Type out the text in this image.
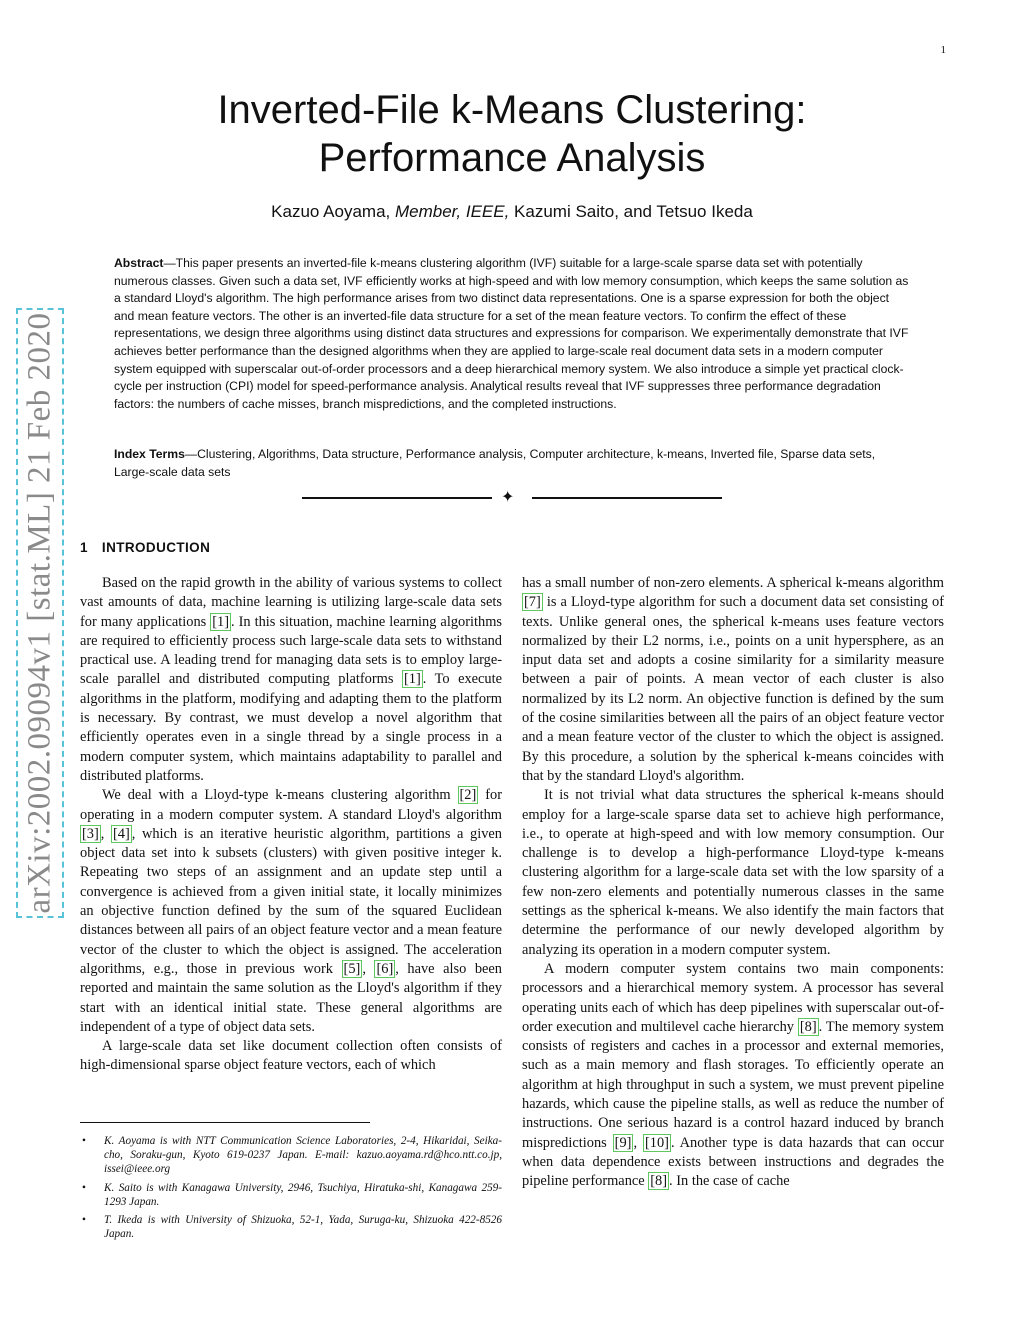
1
arXiv:2002.09094v1 [stat.ML] 21 Feb 2020
Inverted-File k-Means Clustering:
Performance Analysis
Kazuo Aoyama, Member, IEEE, Kazumi Saito, and Tetsuo Ikeda
Abstract—This paper presents an inverted-file k-means clustering algorithm (IVF) suitable for a large-scale sparse data set with potentially numerous classes. Given such a data set, IVF efficiently works at high-speed and with low memory consumption, which keeps the same solution as a standard Lloyd's algorithm. The high performance arises from two distinct data representations. One is a sparse expression for both the object and mean feature vectors. The other is an inverted-file data structure for a set of the mean feature vectors. To confirm the effect of these representations, we design three algorithms using distinct data structures and expressions for comparison. We experimentally demonstrate that IVF achieves better performance than the designed algorithms when they are applied to large-scale real document data sets in a modern computer system equipped with superscalar out-of-order processors and a deep hierarchical memory system. We also introduce a simple yet practical clock-cycle per instruction (CPI) model for speed-performance analysis. Analytical results reveal that IVF suppresses three performance degradation factors: the numbers of cache misses, branch mispredictions, and the completed instructions.
Index Terms—Clustering, Algorithms, Data structure, Performance analysis, Computer architecture, k-means, Inverted file, Sparse data sets, Large-scale data sets
✦
1 INTRODUCTION

Based on the rapid growth in the ability of various systems to collect vast amounts of data, machine learning is utilizing large-scale data sets for many applications [1] . In this situation, machine learning algorithms are required to efficiently process such large-scale data sets to withstand practical use. A leading trend for managing data sets is to employ large-scale parallel and distributed computing platforms [1] . To execute algorithms in the platform, modifying and adapting them to the platform is necessary. By contrast, we must develop a novel algorithm that efficiently operates even in a single thread by a single process in a modern computer system, which maintains adaptability to parallel and distributed platforms.

We deal with a Lloyd-type k-means clustering algorithm [2] for operating in a modern computer system. A standard Lloyd's algorithm [3] , [4] , which is an iterative heuristic algorithm, partitions a given object data set into k subsets (clusters) with given positive integer k. Repeating two steps of an assignment and an update step until a convergence is achieved from a given initial state, it locally minimizes an objective function defined by the sum of the squared Euclidean distances between all pairs of an object feature vector and a mean feature vector of the cluster to which the object is assigned. The acceleration algorithms, e.g., those in previous work [5] , [6] , have also been reported and maintain the same solution as the Lloyd's algorithm if they start with an identical initial state. These general algorithms are independent of a type of object data sets.

A large-scale data set like document collection often consists of high-dimensional sparse object feature vectors, each of which

has a small number of non-zero elements. A spherical k-means algorithm [7] is a Lloyd-type algorithm for such a document data set consisting of texts. Unlike general ones, the spherical k-means uses feature vectors normalized by their L2 norms, i.e., points on a unit hypersphere, as an input data set and adopts a cosine similarity for a similarity measure between a pair of points. A mean vector of each cluster is also normalized by its L2 norm. An objective function is defined by the sum of the cosine similarities between all the pairs of an object feature vector and a mean feature vector of the cluster to which the object is assigned. By this procedure, a solution by the spherical k-means coincides with that by the standard Lloyd's algorithm.

It is not trivial what data structures the spherical k-means should employ for a large-scale sparse data set to achieve high performance, i.e., to operate at high-speed and with low memory consumption. Our challenge is to develop a high-performance Lloyd-type k-means clustering algorithm for a large-scale data set with the low sparsity of a few non-zero elements and potentially numerous classes in the same settings as the spherical k-means. We also identify the main factors that determine the performance of our newly developed algorithm by analyzing its operation in a modern computer system.

A modern computer system contains two main components: processors and a hierarchical memory system. A processor has several operating units each of which has deep pipelines with superscalar out-of-order execution and multilevel cache hierarchy [8] . The memory system consists of registers and caches in a processor and external memories, such as a main memory and flash storages. To efficiently operate an algorithm at high throughput in such a system, we must prevent pipeline hazards, which cause the pipeline stalls, as well as reduce the number of instructions. One serious hazard is a control hazard induced by branch mispredictions [9] , [10] . Another type is data hazards that can occur when data dependence exists between instructions and degrades the pipeline performance [8] . In the case of cache

• K. Aoyama is with NTT Communication Science Laboratories, 2-4, Hikaridai, Seika-cho, Soraku-gun, Kyoto 619-0237 Japan. E-mail: kazuo.aoyama.rd@hco.ntt.co.jp, issei@ieee.org
• K. Saito is with Kanagawa University, 2946, Tsuchiya, Hiratuka-shi, Kanagawa 259-1293 Japan.
• T. Ikeda is with University of Shizuoka, 52-1, Yada, Suruga-ku, Shizuoka 422-8526 Japan.
